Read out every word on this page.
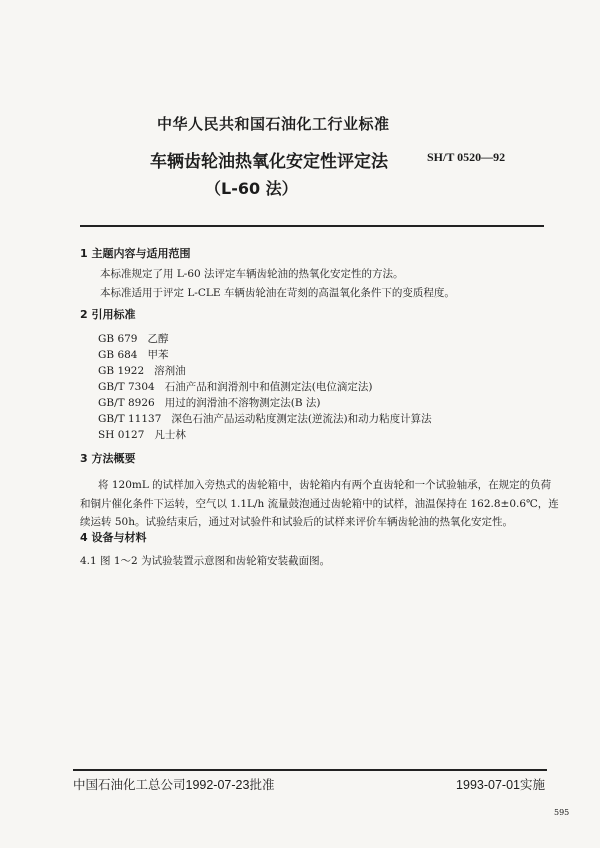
中华人民共和国石油化工行业标准
车辆齿轮油热氧化安定性评定法
（L-60 法）
SH/T 0520—92
1 主题内容与适用范围
本标准规定了用 L-60 法评定车辆齿轮油的热氧化安定性的方法。
本标准适用于评定 L-CLE 车辆齿轮油在苛刻的高温氧化条件下的变质程度。
2 引用标准
GB 679 乙醇
GB 684 甲苯
GB 1922 溶剂油
GB/T 7304 石油产品和润滑剂中和值测定法(电位滴定法)
GB/T 8926 用过的润滑油不溶物测定法(B 法)
GB/T 11137 深色石油产品运动粘度测定法(逆流法)和动力粘度计算法
SH 0127 凡士林
3 方法概要
将 120mL 的试样加入旁热式的齿轮箱中，齿轮箱内有两个直齿轮和一个试验轴承，在规定的负荷
和铜片催化条件下运转，空气以 1.1L/h 流量鼓泡通过齿轮箱中的试样，油温保持在 162.8±0.6℃，连
续运转 50h。试验结束后，通过对试验件和试验后的试样来评价车辆齿轮油的热氧化安定性。
4 设备与材料
4.1 图 1～2 为试验装置示意图和齿轮箱安装截面图。
中国石油化工总公司1992-07-23批准	1993-07-01实施
595
